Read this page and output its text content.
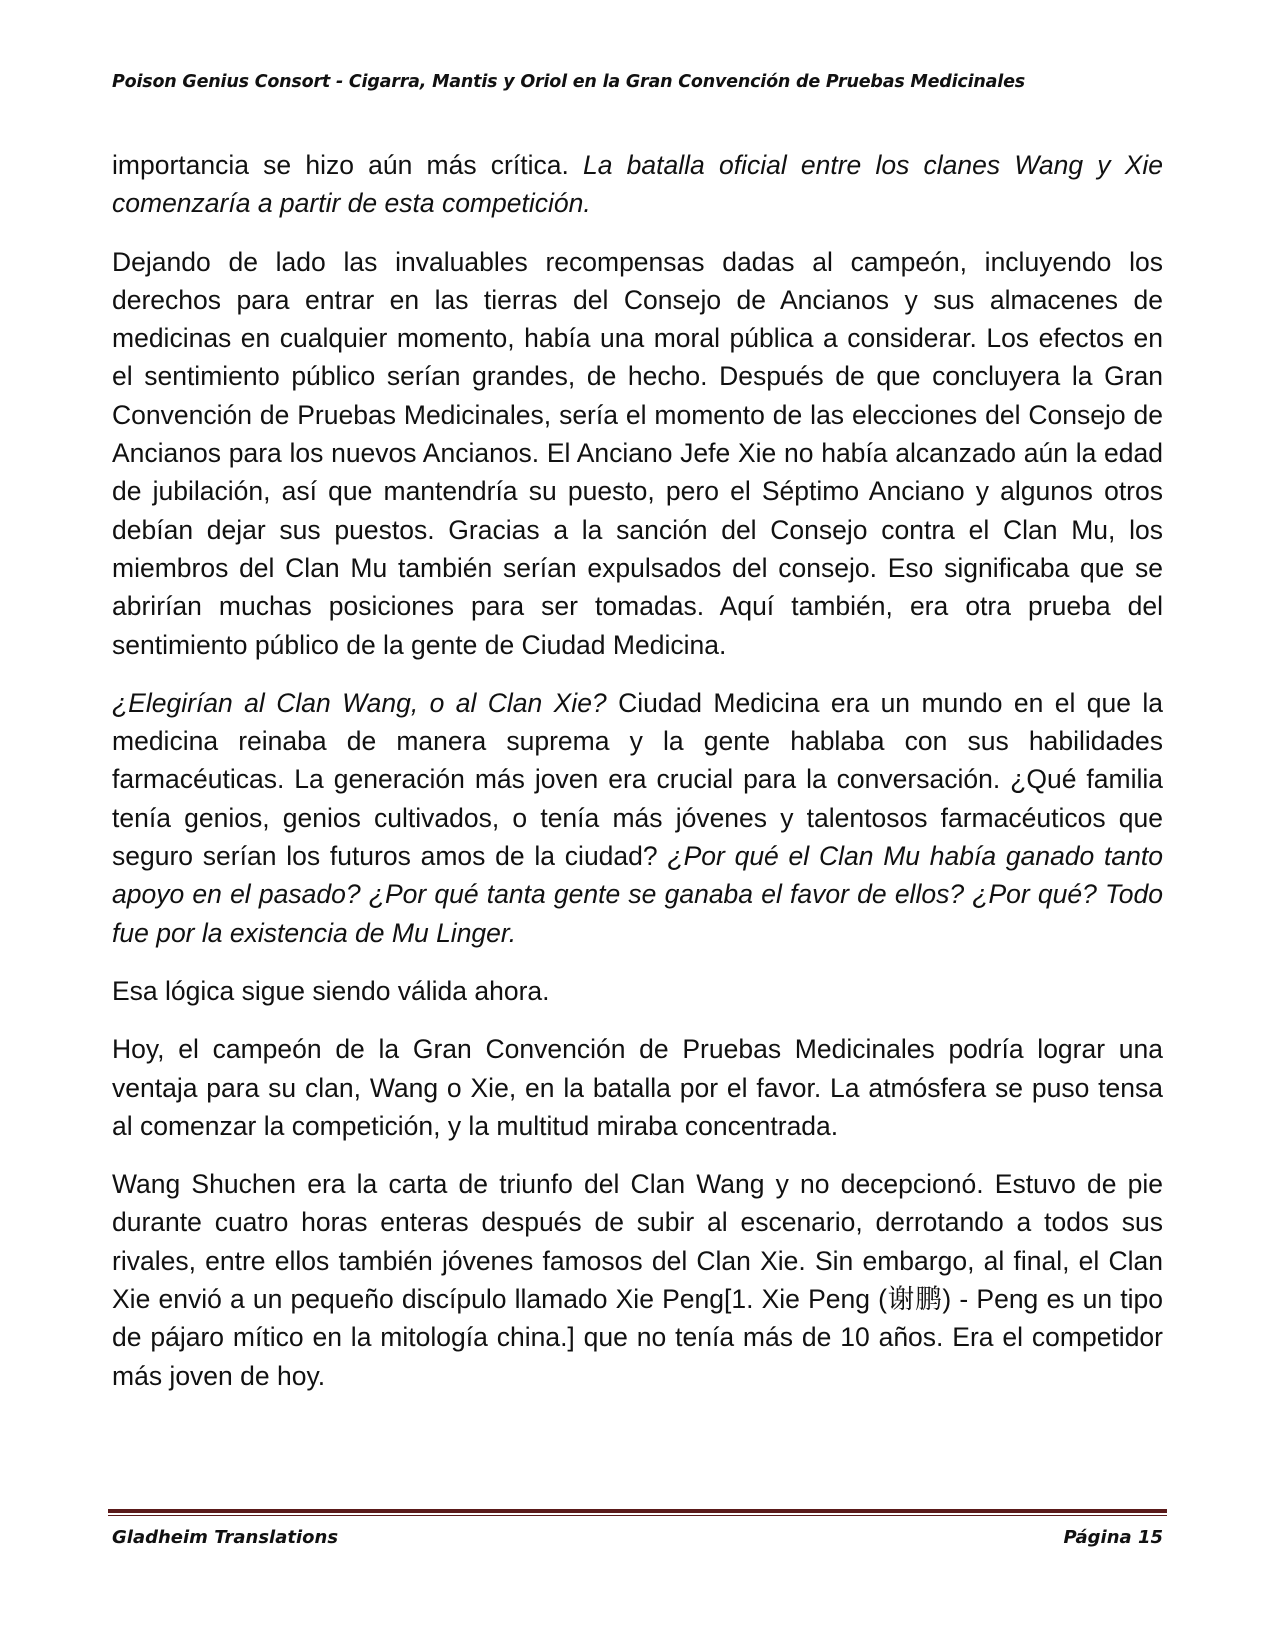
Poison Genius Consort - Cigarra, Mantis y Oriol en la Gran Convención de Pruebas Medicinales

importancia se hizo aún más crítica. La batalla oficial entre los clanes Wang y Xie comenzaría a partir de esta competición.

Dejando de lado las invaluables recompensas dadas al campeón, incluyendo los derechos para entrar en las tierras del Consejo de Ancianos y sus almacenes de medicinas en cualquier momento, había una moral pública a considerar. Los efectos en el sentimiento público serían grandes, de hecho. Después de que concluyera la Gran Convención de Pruebas Medicinales, sería el momento de las elecciones del Consejo de Ancianos para los nuevos Ancianos. El Anciano Jefe Xie no había alcanzado aún la edad de jubilación, así que mantendría su puesto, pero el Séptimo Anciano y algunos otros debían dejar sus puestos. Gracias a la sanción del Consejo contra el Clan Mu, los miembros del Clan Mu también serían expulsados del consejo. Eso significaba que se abrirían muchas posiciones para ser tomadas. Aquí también, era otra prueba del sentimiento público de la gente de Ciudad Medicina.

¿Elegirían al Clan Wang, o al Clan Xie? Ciudad Medicina era un mundo en el que la medicina reinaba de manera suprema y la gente hablaba con sus habilidades farmacéuticas. La generación más joven era crucial para la conversación. ¿Qué familia tenía genios, genios cultivados, o tenía más jóvenes y talentosos farmacéuticos que seguro serían los futuros amos de la ciudad? ¿Por qué el Clan Mu había ganado tanto apoyo en el pasado? ¿Por qué tanta gente se ganaba el favor de ellos? ¿Por qué? Todo fue por la existencia de Mu Linger.

Esa lógica sigue siendo válida ahora.

Hoy, el campeón de la Gran Convención de Pruebas Medicinales podría lograr una ventaja para su clan, Wang o Xie, en la batalla por el favor. La atmósfera se puso tensa al comenzar la competición, y la multitud miraba concentrada.

Wang Shuchen era la carta de triunfo del Clan Wang y no decepcionó. Estuvo de pie durante cuatro horas enteras después de subir al escenario, derrotando a todos sus rivales, entre ellos también jóvenes famosos del Clan Xie. Sin embargo, al final, el Clan Xie envió a un pequeño discípulo llamado Xie Peng[1. Xie Peng (谢鹏) - Peng es un tipo de pájaro mítico en la mitología china.] que no tenía más de 10 años. Era el competidor más joven de hoy.

Gladheim Translations	Página 15
